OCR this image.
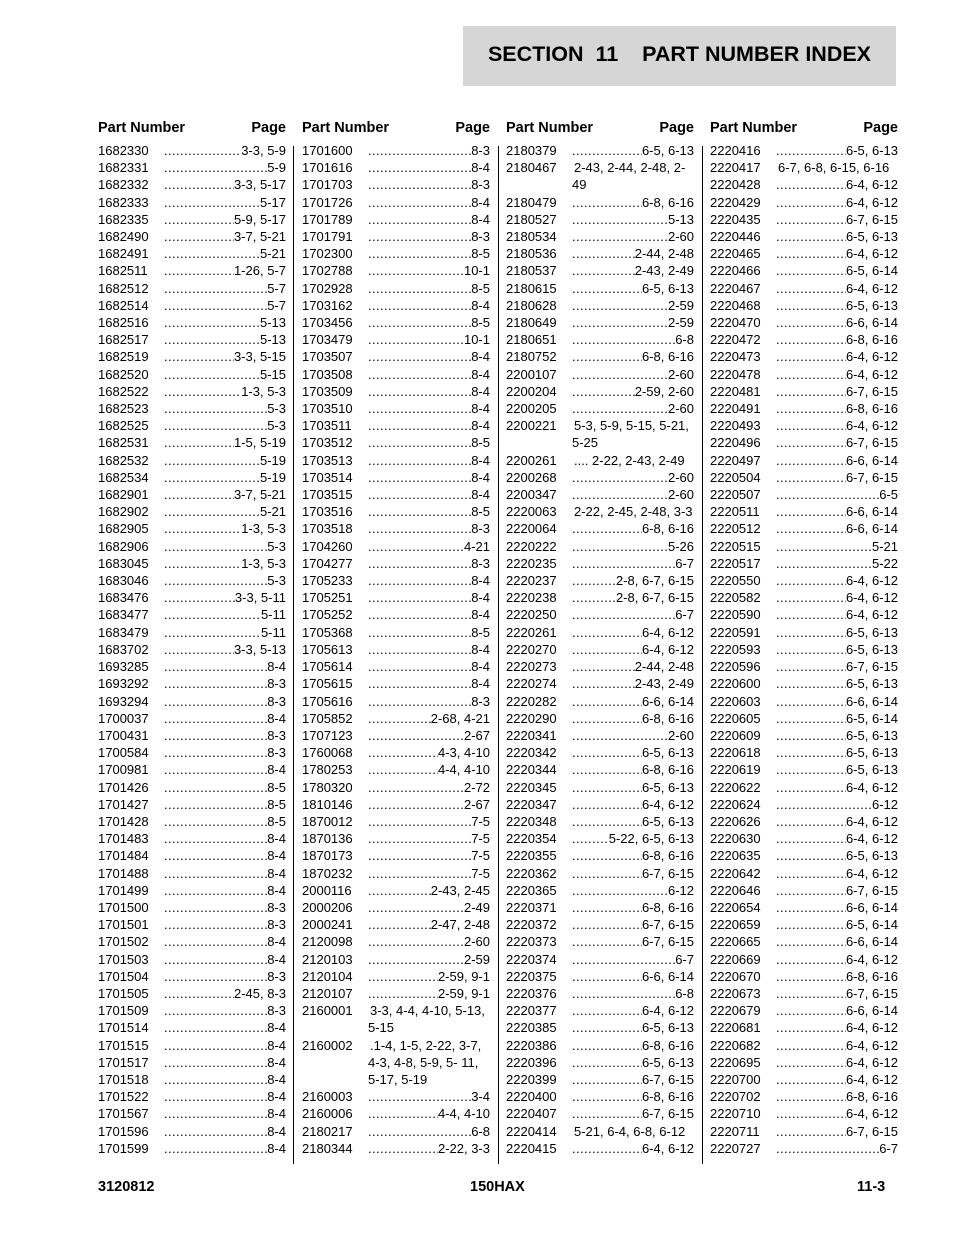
SECTION  11    PART NUMBER INDEX
Part Number	Page
1682330 .....	3-3, 5-9
1682331 .....	5-9
1682332 .....	3-3, 5-17
1682333 .....	5-17
1682335 .....	5-9, 5-17
1682490 .....	3-7, 5-21
1682491 .....	5-21
1682511 .....	1-26, 5-7
1682512 .....	5-7
1682514 .....	5-7
1682516 .....	5-13
1682517 .....	5-13
1682519 .....	3-3, 5-15
1682520 .....	5-15
1682522 .....	1-3, 5-3
1682523 .....	5-3
1682525 .....	5-3
1682531 .....	1-5, 5-19
1682532 .....	5-19
1682534 .....	5-19
1682901 .....	3-7, 5-21
1682902 .....	5-21
1682905 .....	1-3, 5-3
1682906 .....	5-3
1683045 .....	1-3, 5-3
1683046 .....	5-3
1683476 .....	3-3, 5-11
1683477 .....	5-11
1683479 .....	5-11
1683702 .....	3-3, 5-13
1693285 .....	8-4
1693292 .....	8-3
1693294 .....	8-3
1700037 .....	8-4
1700431 .....	8-3
1700584 .....	8-3
1700981 .....	8-4
1701426 .....	8-5
1701427 .....	8-5
1701428 .....	8-5
1701483 .....	8-4
1701484 .....	8-4
1701488 .....	8-4
1701499 .....	8-4
1701500 .....	8-3
1701501 .....	8-3
1701502 .....	8-4
1701503 .....	8-4
1701504 .....	8-3
1701505 .....	2-45, 8-3
1701509 .....	8-3
1701514 .....	8-4
1701515 .....	8-4
1701517 .....	8-4
1701518 .....	8-4
1701522 .....	8-4
1701567 .....	8-4
1701596 .....	8-4
1701599 .....	8-4
Part Number	Page
1701600 .....	8-3
1701616 .....	8-4
1701703 .....	8-3
1701726 .....	8-4
1701789 .....	8-4
1701791 .....	8-3
1702300 .....	8-5
1702788 .....	10-1
1702928 .....	8-5
1703162 .....	8-4
1703456 .....	8-5
1703479 .....	10-1
1703507 .....	8-4
1703508 .....	8-4
1703509 .....	8-4
1703510 .....	8-4
1703511 .....	8-4
1703512 .....	8-5
1703513 .....	8-4
1703514 .....	8-4
1703515 .....	8-4
1703516 .....	8-5
1703518 .....	8-3
1704260 .....	4-21
1704277 .....	8-3
1705233 .....	8-4
1705251 .....	8-4
1705252 .....	8-4
1705368 .....	8-5
1705613 .....	8-4
1705614 .....	8-4
1705615 .....	8-4
1705616 .....	8-3
1705852 .....	2-68, 4-21
1707123 .....	2-67
1760068 .....	4-3, 4-10
1780253 .....	4-4, 4-10
1780320 .....	2-72
1810146 .....	2-67
1870012 .....	7-5
1870136 .....	7-5
1870173 .....	7-5
1870232 .....	7-5
2000116 .....	2-43, 2-45
2000206 .....	2-49
2000241 .....	2-47, 2-48
2120098 .....	2-60
2120103 .....	2-59
2120104 .....	2-59, 9-1
2120107 .....	2-59, 9-1
2160001	3-3, 4-4, 4-10, 5-13, 5-15
2160002	.1-4, 1-5, 2-22, 3-7, 4-3, 4-8, 5-9, 5- 11, 5-17, 5-19
2160003 .....	3-4
2160006 .....	4-4, 4-10
2180217 .....	6-8
2180344 .....	2-22, 3-3
Part Number	Page
2180379 .....	6-5, 6-13
2180467	2-43, 2-44, 2-48, 2- 49
2180479 .....	6-8, 6-16
2180527 .....	5-13
2180534 .....	2-60
2180536 .....	2-44, 2-48
2180537 .....	2-43, 2-49
2180615 .....	6-5, 6-13
2180628 .....	2-59
2180649 .....	2-59
2180651 .....	6-8
2180752 .....	6-8, 6-16
2200107 .....	2-60
2200204 .....	2-59, 2-60
2200205 .....	2-60
2200221	5-3, 5-9, 5-15, 5-21, 5-25
2200261	.... 2-22, 2-43, 2-49
2200268 .....	2-60
2200347 .....	2-60
2220063	2-22, 2-45, 2-48, 3-3
2220064 .....	6-8, 6-16
2220222 .....	5-26
2220235 .....	6-7
2220237 .....	2-8, 6-7, 6-15
2220238 .....	2-8, 6-7, 6-15
2220250 .....	6-7
2220261 .....	6-4, 6-12
2220270 .....	6-4, 6-12
2220273 .....	2-44, 2-48
2220274 .....	2-43, 2-49
2220282 .....	6-6, 6-14
2220290 .....	6-8, 6-16
2220341 .....	2-60
2220342 .....	6-5, 6-13
2220344 .....	6-8, 6-16
2220345 .....	6-5, 6-13
2220347 .....	6-4, 6-12
2220348 .....	6-5, 6-13
2220354 .....	5-22, 6-5, 6-13
2220355 .....	6-8, 6-16
2220362 .....	6-7, 6-15
2220365 .....	6-12
2220371 .....	6-8, 6-16
2220372 .....	6-7, 6-15
2220373 .....	6-7, 6-15
2220374 .....	6-7
2220375 .....	6-6, 6-14
2220376 .....	6-8
2220377 .....	6-4, 6-12
2220385 .....	6-5, 6-13
2220386 .....	6-8, 6-16
2220396 .....	6-5, 6-13
2220399 .....	6-7, 6-15
2220400 .....	6-8, 6-16
2220407 .....	6-7, 6-15
2220414	5-21, 6-4, 6-8, 6-12
2220415 .....	6-4, 6-12
Part Number	Page
2220416 .....	6-5, 6-13
2220417	6-7, 6-8, 6-15, 6-16
2220428 .....	6-4, 6-12
2220429 .....	6-4, 6-12
2220435 .....	6-7, 6-15
2220446 .....	6-5, 6-13
2220465 .....	6-4, 6-12
2220466 .....	6-5, 6-14
2220467 .....	6-4, 6-12
2220468 .....	6-5, 6-13
2220470 .....	6-6, 6-14
2220472 .....	6-8, 6-16
2220473 .....	6-4, 6-12
2220478 .....	6-4, 6-12
2220481 .....	6-7, 6-15
2220491 .....	6-8, 6-16
2220493 .....	6-4, 6-12
2220496 .....	6-7, 6-15
2220497 .....	6-6, 6-14
2220504 .....	6-7, 6-15
2220507 .....	6-5
2220511 .....	6-6, 6-14
2220512 .....	6-6, 6-14
2220515 .....	5-21
2220517 .....	5-22
2220550 .....	6-4, 6-12
2220582 .....	6-4, 6-12
2220590 .....	6-4, 6-12
2220591 .....	6-5, 6-13
2220593 .....	6-5, 6-13
2220596 .....	6-7, 6-15
2220600 .....	6-5, 6-13
2220603 .....	6-6, 6-14
2220605 .....	6-5, 6-14
2220609 .....	6-5, 6-13
2220618 .....	6-5, 6-13
2220619 .....	6-5, 6-13
2220622 .....	6-4, 6-12
2220624 .....	6-12
2220626 .....	6-4, 6-12
2220630 .....	6-4, 6-12
2220635 .....	6-5, 6-13
2220642 .....	6-4, 6-12
2220646 .....	6-7, 6-15
2220654 .....	6-6, 6-14
2220659 .....	6-5, 6-14
2220665 .....	6-6, 6-14
2220669 .....	6-4, 6-12
2220670 .....	6-8, 6-16
2220673 .....	6-7, 6-15
2220679 .....	6-6, 6-14
2220681 .....	6-4, 6-12
2220682 .....	6-4, 6-12
2220695 .....	6-4, 6-12
2220700 .....	6-4, 6-12
2220702 .....	6-8, 6-16
2220710 .....	6-4, 6-12
2220711 .....	6-7, 6-15
2220727 .....	6-7
3120812	150HAX	11-3
